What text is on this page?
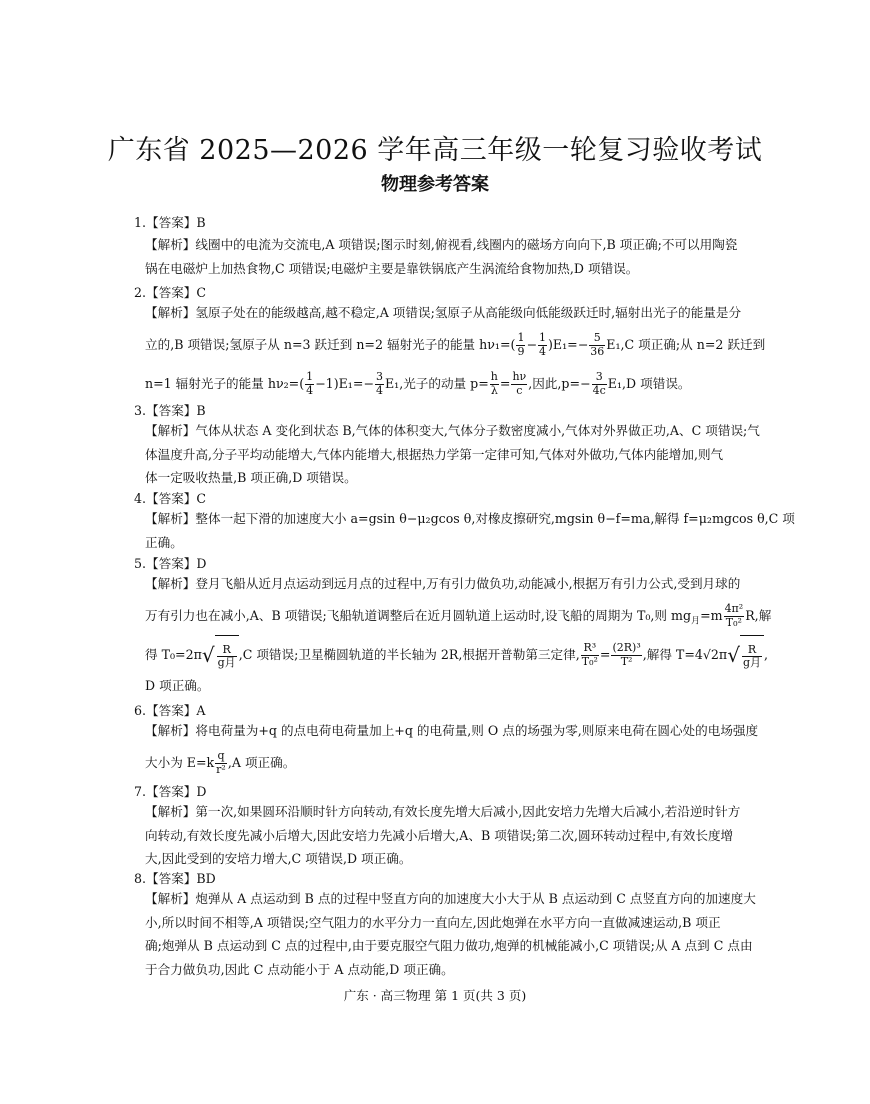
广东省 2025—2026 学年高三年级一轮复习验收考试
物理参考答案
1.【答案】B
【解析】线圈中的电流为交流电,A 项错误;图示时刻,俯视看,线圈内的磁场方向向下,B 项正确;不可以用陶瓷
锅在电磁炉上加热食物,C 项错误;电磁炉主要是靠铁锅底产生涡流给食物加热,D 项错误。
2.【答案】C
【解析】氢原子处在的能级越高,越不稳定,A 项错误;氢原子从高能级向低能级跃迁时,辐射出光子的能量是分
立的,B 项错误;氢原子从 n=3 跃迁到 n=2 辐射光子的能量 $h\nu_1=( \frac{1}{9} - \frac{1}{4} )E_1=- \frac{5}{36} E_1,C$ 项正确;从 n=2 跃迁到
n=1 辐射光子的能量 $h\nu_2=( \frac{1}{4} -1)E_1=- \frac{3}{4} E_1$,光子的动量 $p= \frac{h}{\lambda} = \frac{h\nu}{c}$ ,因此$,p=- \frac{3}{4c} E_1,D$ 项错误。
3.【答案】B
【解析】气体从状态 A 变化到状态 B,气体的体积变大,气体分子数密度减小,气体对外界做正功,A、C 项错误;气
体温度升高,分子平均动能增大,气体内能增大,根据热力学第一定律可知,气体对外做功,气体内能增加,则气
体一定吸收热量,B 项正确,D 项错误。
4.【答案】C
【解析】整体一起下滑的加速度大小 a=gsin θ−μ₂gcos θ,对橡皮擦研究,mgsin θ−f=ma,解得 f=μ₂mgcos θ,C 项
正确。
5.【答案】D
【解析】登月飞船从近月点运动到远月点的过程中,万有引力做负功,动能减小,根据万有引力公式,受到月球的
万有引力也在减小,A、B 项错误;飞船轨道调整后在近月圆轨道上运动时,设飞船的周期为 T₀,则 $mg_月=m \frac{\text{4π²}}{\text{T₀²}} R$,解
得 $T_0=2\pi√ \frac{R}{\text{g月}} ,C$ 项错误;卫星椭圆轨道的半长轴为 2R,根据开普勒第三定律, $\frac{\text{R³}}{\text{T₀²}} = \frac{\text{(2R)³}}{\text{T²}}$ ,解得 $T=4√2\pi√ \frac{R}{\text{g月}}$ ,
D 项正确。
6.【答案】A
【解析】将电荷量为+q 的点电荷电荷量加上+q 的电荷量,则 O 点的场强为零,则原来电荷在圆心处的电场强度
大小为 $E=k \frac{q}{\text{r²}} ,A$ 项正确。
7.【答案】D
【解析】第一次,如果圆环沿顺时针方向转动,有效长度先增大后减小,因此安培力先增大后减小,若沿逆时针方
向转动,有效长度先减小后增大,因此安培力先减小后增大,A、B 项错误;第二次,圆环转动过程中,有效长度增
大,因此受到的安培力增大,C 项错误,D 项正确。
8.【答案】BD
【解析】炮弹从 A 点运动到 B 点的过程中竖直方向的加速度大小大于从 B 点运动到 C 点竖直方向的加速度大
小,所以时间不相等,A 项错误;空气阻力的水平分力一直向左,因此炮弹在水平方向一直做减速运动,B 项正
确;炮弹从 B 点运动到 C 点的过程中,由于要克服空气阻力做功,炮弹的机械能减小,C 项错误;从 A 点到 C 点由
于合力做负功,因此 C 点动能小于 A 点动能,D 项正确。
广东 · 高三物理 第 1 页(共 3 页)
